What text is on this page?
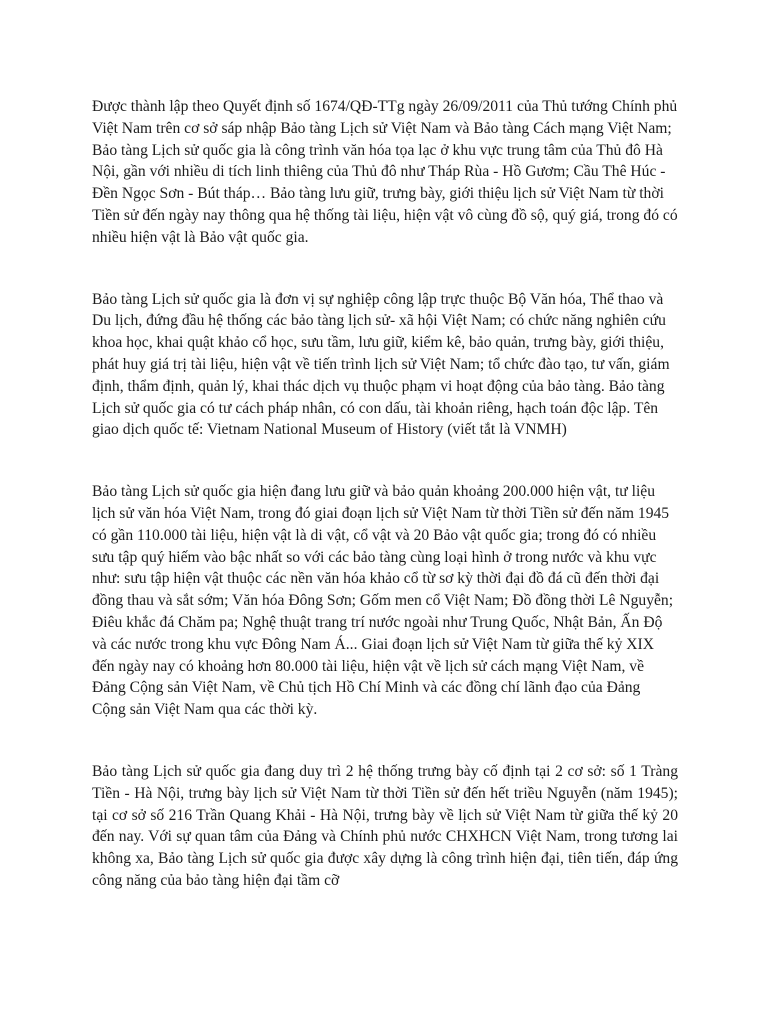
Được thành lập theo Quyết định số 1674/QĐ-TTg ngày 26/09/2011 của Thủ tướng Chính phủ Việt Nam trên cơ sở sáp nhập Bảo tàng Lịch sử Việt Nam và Bảo tàng Cách mạng Việt Nam; Bảo tàng Lịch sử quốc gia là công trình văn hóa tọa lạc ở khu vực trung tâm của Thủ đô Hà Nội, gần với nhiều di tích linh thiêng của Thủ đô như Tháp Rùa - Hồ Gươm; Cầu Thê Húc - Đền Ngọc Sơn - Bút tháp… Bảo tàng lưu giữ, trưng bày, giới thiệu lịch sử Việt Nam từ thời Tiền sử đến ngày nay thông qua hệ thống tài liệu, hiện vật vô cùng đồ sộ, quý giá, trong đó có nhiều hiện vật là Bảo vật quốc gia.

Bảo tàng Lịch sử quốc gia là đơn vị sự nghiệp công lập trực thuộc Bộ Văn hóa, Thể thao và Du lịch, đứng đầu hệ thống các bảo tàng lịch sử- xã hội Việt Nam; có chức năng nghiên cứu khoa học, khai quật khảo cổ học, sưu tầm, lưu giữ, kiểm kê, bảo quản, trưng bày, giới thiệu, phát huy giá trị tài liệu, hiện vật về tiến trình lịch sử Việt Nam; tổ chức đào tạo, tư vấn, giám định, thẩm định, quản lý, khai thác dịch vụ thuộc phạm vi hoạt động của bảo tàng. Bảo tàng Lịch sử quốc gia có tư cách pháp nhân, có con dấu, tài khoản riêng, hạch toán độc lập. Tên giao dịch quốc tế: Vietnam National Museum of History (viết tắt là VNMH)

Bảo tàng Lịch sử quốc gia hiện đang lưu giữ và bảo quản khoảng 200.000 hiện vật, tư liệu lịch sử văn hóa Việt Nam, trong đó giai đoạn lịch sử Việt Nam từ thời Tiền sử đến năm 1945 có gần 110.000 tài liệu, hiện vật là di vật, cổ vật và 20 Bảo vật quốc gia; trong đó có nhiều sưu tập quý hiếm vào bậc nhất so với các bảo tàng cùng loại hình ở trong nước và khu vực như: sưu tập hiện vật thuộc các nền văn hóa khảo cổ từ sơ kỳ thời đại đồ đá cũ đến thời đại đồng thau và sắt sớm; Văn hóa Đông Sơn; Gốm men cổ Việt Nam; Đồ đồng thời Lê Nguyễn; Điêu khắc đá Chăm pa; Nghệ thuật trang trí nước ngoài như Trung Quốc, Nhật Bản, Ấn Độ và các nước trong khu vực Đông Nam Á... Giai đoạn lịch sử Việt Nam từ giữa thế kỷ XIX đến ngày nay có khoảng hơn 80.000 tài liệu, hiện vật về lịch sử cách mạng Việt Nam, về Đảng Cộng sản Việt Nam, về Chủ tịch Hồ Chí Minh và các đồng chí lãnh đạo của Đảng Cộng sản Việt Nam qua các thời kỳ.

Bảo tàng Lịch sử quốc gia đang duy trì 2 hệ thống trưng bày cố định tại 2 cơ sở: số 1 Tràng Tiền - Hà Nội, trưng bày lịch sử Việt Nam từ thời Tiền sử đến hết triều Nguyễn (năm 1945); tại cơ sở số 216 Trần Quang Khải - Hà Nội, trưng bày về lịch sử Việt Nam từ giữa thế kỷ 20 đến nay. Với sự quan tâm của Đảng và Chính phủ nước CHXHCN Việt Nam, trong tương lai không xa, Bảo tàng Lịch sử quốc gia được xây dựng là công trình hiện đại, tiên tiến, đáp ứng công năng của bảo tàng hiện đại tầm cỡ
